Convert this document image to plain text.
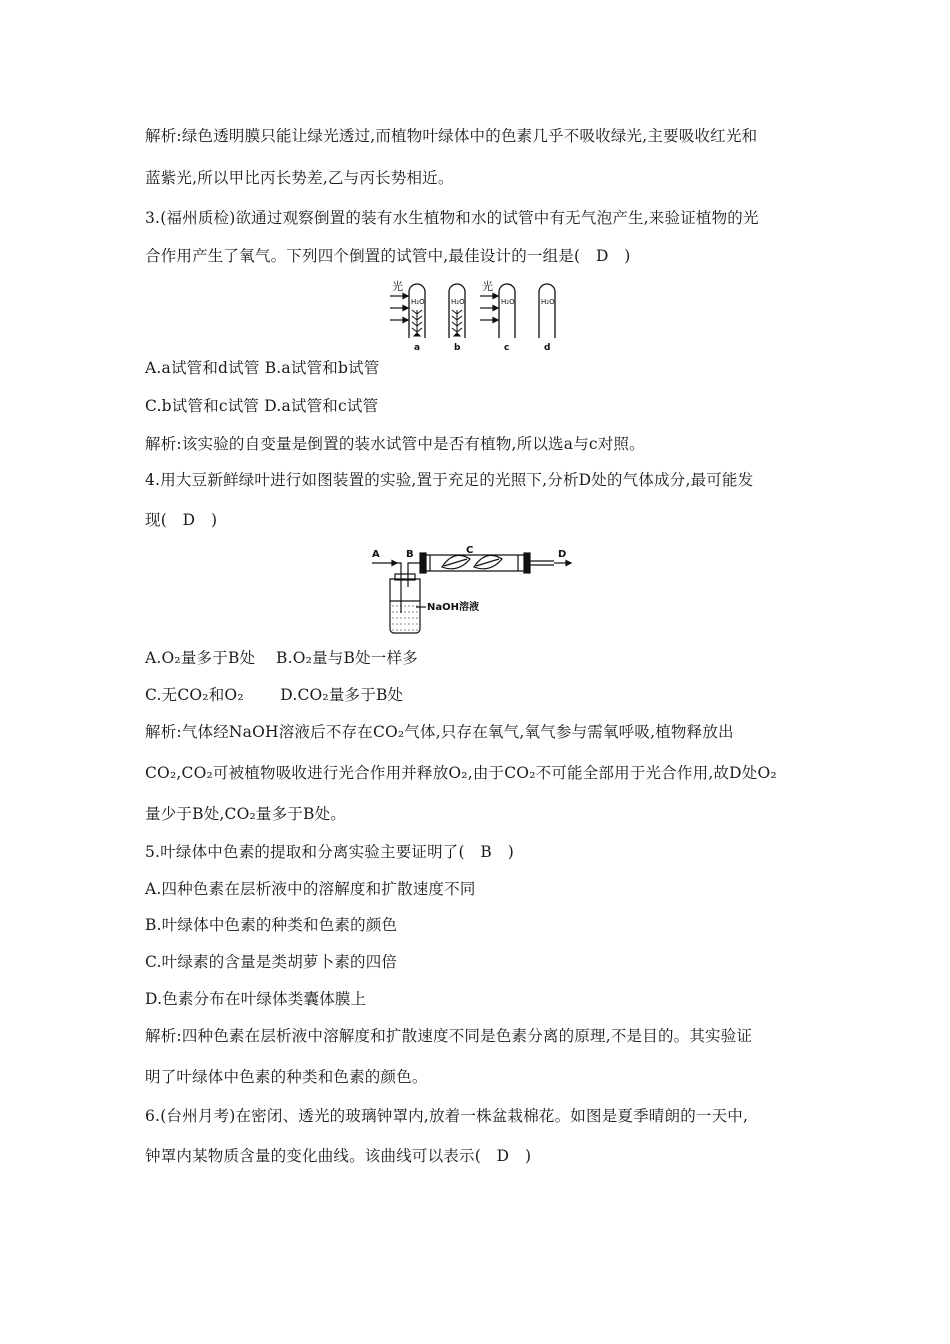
解析:绿色透明膜只能让绿光透过,而植物叶绿体中的色素几乎不吸收绿光,主要吸收红光和
蓝紫光,所以甲比丙长势差,乙与丙长势相近。
3.(福州质检)欲通过观察倒置的装有水生植物和水的试管中有无气泡产生,来验证植物的光
合作用产生了氧气。下列四个倒置的试管中,最佳设计的一组是(　D　)
光	光
H₂O	H₂O	H₂O	H₂O
a	b	c	d
A.a试管和d试管 B.a试管和b试管
C.b试管和c试管 D.a试管和c试管
解析:该实验的自变量是倒置的装水试管中是否有植物,所以选a与c对照。
4.用大豆新鲜绿叶进行如图装置的实验,置于充足的光照下,分析D处的气体成分,最可能发
现(　D　)
A	B	C	D
NaOH溶液
A.O₂量多于B处　 B.O₂量与B处一样多
C.无CO₂和O₂　　 D.CO₂量多于B处
解析:气体经NaOH溶液后不存在CO₂气体,只存在氧气,氧气参与需氧呼吸,植物释放出
CO₂,CO₂可被植物吸收进行光合作用并释放O₂,由于CO₂不可能全部用于光合作用,故D处O₂
量少于B处,CO₂量多于B处。
5.叶绿体中色素的提取和分离实验主要证明了(　B　)
A.四种色素在层析液中的溶解度和扩散速度不同
B.叶绿体中色素的种类和色素的颜色
C.叶绿素的含量是类胡萝卜素的四倍
D.色素分布在叶绿体类囊体膜上
解析:四种色素在层析液中溶解度和扩散速度不同是色素分离的原理,不是目的。其实验证
明了叶绿体中色素的种类和色素的颜色。
6.(台州月考)在密闭、透光的玻璃钟罩内,放着一株盆栽棉花。如图是夏季晴朗的一天中,
钟罩内某物质含量的变化曲线。该曲线可以表示(　D　)
